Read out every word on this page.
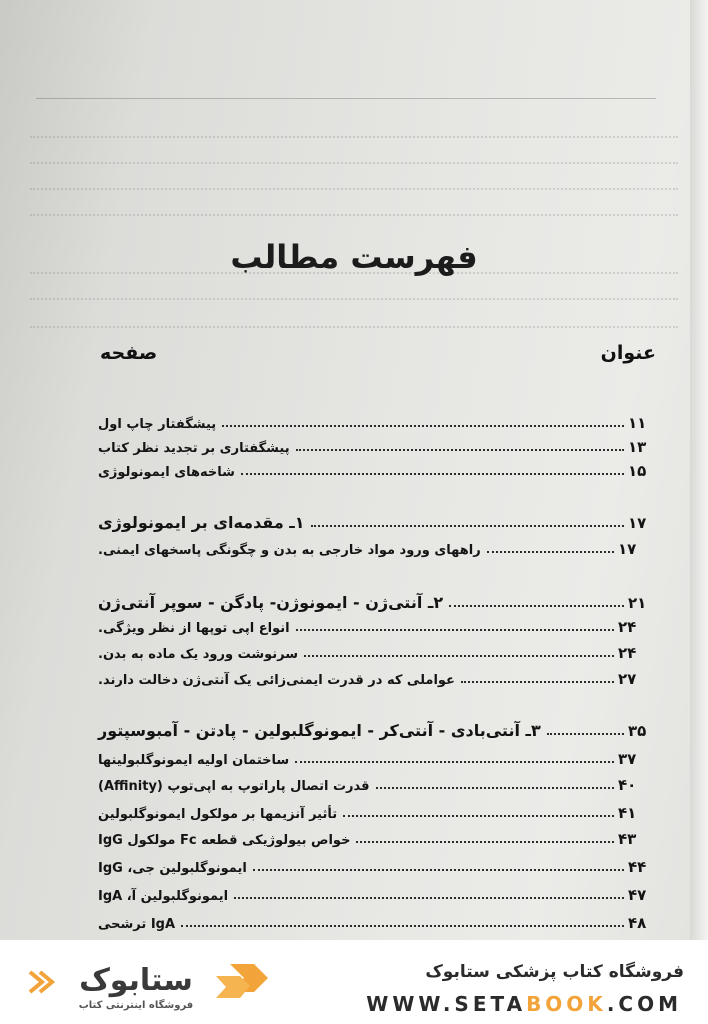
فهرست مطالب
عنوان
صفحه
پیشگفتار چاپ اول	۱۱
پیشگفتاری بر تجدید نظر کتاب	۱۳
شاخه‌های ایمونولوژی	۱۵
۱ـ مقدمه‌ای بر ایمونولوژی	۱۷
راههای ورود مواد خارجی به بدن و چگونگی پاسخهای ایمنی.	۱۷
۲ـ آنتی‌ژن - ایمونوژن- پادگن - سوپر آنتی‌ژن	۲۱
انواع اپی توپها از نظر ویژگی.	۲۴
سرنوشت ورود یک ماده به بدن.	۲۴
عواملی که در قدرت ایمنی‌زائی یک آنتی‌ژن دخالت دارند.	۲۷
۳ـ آنتی‌بادی - آنتی‌کر - ایمونوگلبولین - پادتن - آمبوسپتور	۳۵
ساختمان اولیه ایمونوگلبولینها	۳۷
قدرت اتصال پاراتوپ به اپی‌توپ (Affinity)	۴۰
تأثیر آنزیمها بر مولکول ایمونوگلبولین	۴۱
خواص بیولوژیکی قطعه Fc مولکول IgG	۴۳
ایمونوگلبولین جی، IgG	۴۴
ایمونوگلبولین آ، IgA	۴۷
IgA ترشحی	۴۸
ستابوک
فروشگاه اینترنتی کتاب
فروشگاه کتاب پزشکی ستابوک
WWW.SETABOOK.COM
